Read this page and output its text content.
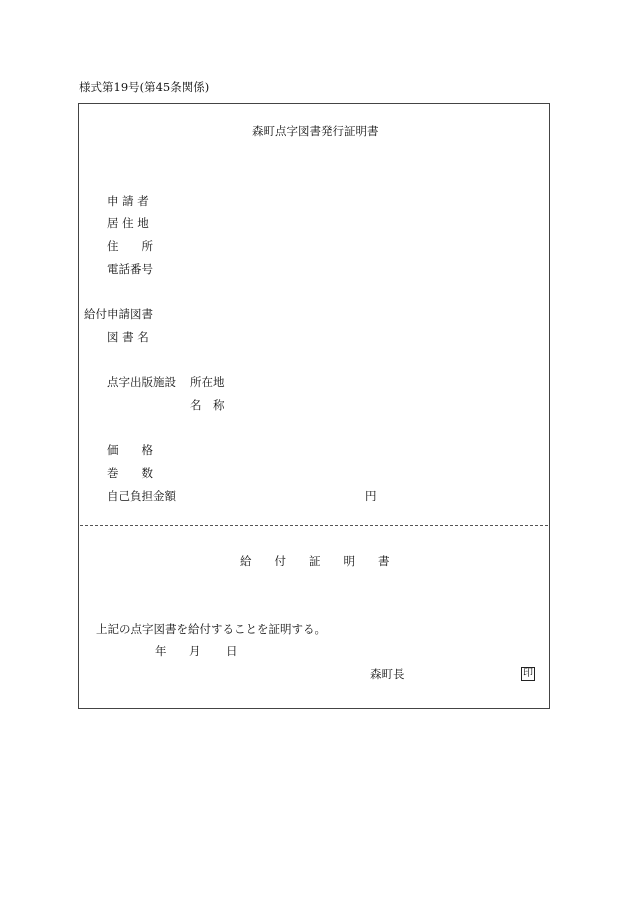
様式第19号(第45条関係)
森町点字図書発行証明書
申 請 者
居 住 地
住　　所
電話番号
給付申請図書
図 書 名
点字出版施設 所在地
名　称
価　　格
巻　　数
自己負担金額	円
給　　付　　証　　明　　書
上記の点字図書を給付することを証明する。
年 月 日
森町長	印
